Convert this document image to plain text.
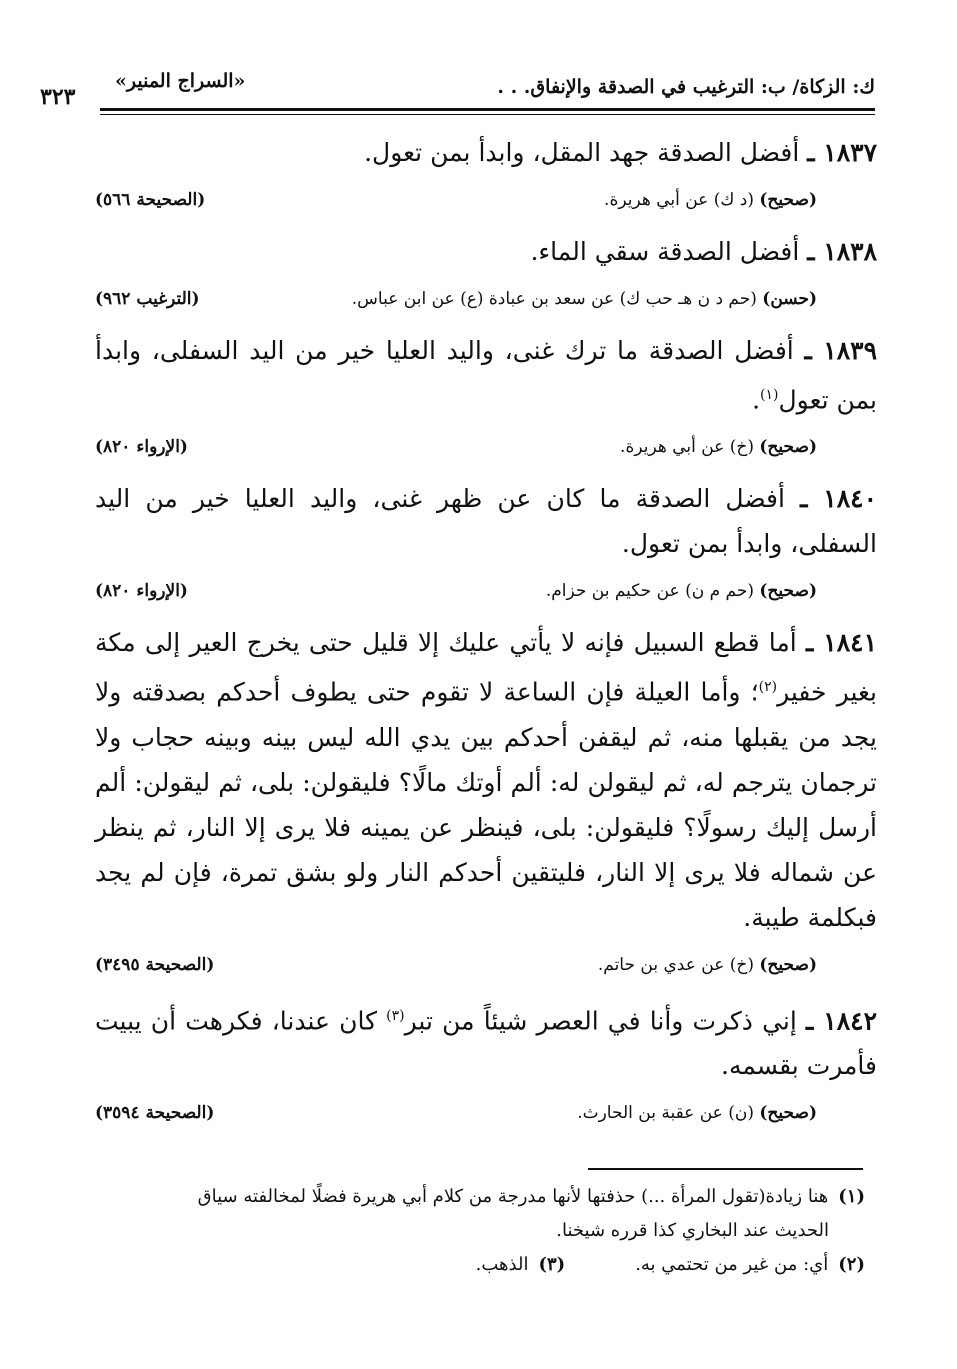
ك: الزكاة/ ب: الترغيب في الصدقة والإنفاق. . .
«السراج المنير»
٣٢٣

١٨٣٧ ـ أفضل الصدقة جهد المقل، وابدأ بمن تعول.

(صحيح) (د ك) عن أبي هريرة.
(الصحيحة ٥٦٦)

١٨٣٨ ـ أفضل الصدقة سقي الماء.

(حسن) (حم د ن هـ حب ك) عن سعد بن عبادة (ع) عن ابن عباس.
(الترغيب ٩٦٢)

١٨٣٩ ـ أفضل الصدقة ما ترك غنى، واليد العليا خير من اليد السفلى، وابدأ بمن تعول$^{(١)}$.

(صحيح) (خ) عن أبي هريرة.
(الإرواء ٨٢٠)

١٨٤٠ ـ أفضل الصدقة ما كان عن ظهر غنى، واليد العليا خير من اليد السفلى، وابدأ بمن تعول.

(صحيح) (حم م ن) عن حكيم بن حزام.
(الإرواء ٨٢٠)

١٨٤١ ـ أما قطع السبيل فإنه لا يأتي عليك إلا قليل حتى يخرج العير إلى مكة بغير خفير$^{(٢)}$؛ وأما العيلة فإن الساعة لا تقوم حتى يطوف أحدكم بصدقته ولا يجد من يقبلها منه، ثم ليقفن أحدكم بين يدي الله ليس بينه وبينه حجاب ولا ترجمان يترجم له، ثم ليقولن له: ألم أوتك مالًا؟ فليقولن: بلى، ثم ليقولن: ألم أرسل إليك رسولًا؟ فليقولن: بلى، فينظر عن يمينه فلا يرى إلا النار، ثم ينظر عن شماله فلا يرى إلا النار، فليتقين أحدكم النار ولو بشق تمرة، فإن لم يجد فبكلمة طيبة.

(صحيح) (خ) عن عدي بن حاتم.
(الصحيحة ٣٤٩٥)

١٨٤٢ ـ إني ذكرت وأنا في العصر شيئاً من تبر$^{(٣)}$ كان عندنا، فكرهت أن يبيت فأمرت بقسمه.

(صحيح) (ن) عن عقبة بن الحارث.
(الصحيحة ٣٥٩٤)

(١)هنا زيادة(تقول المرأة ...) حذفتها لأنها مدرجة من كلام أبي هريرة فضلًا لمخالفته سياق

الحديث عند البخاري كذا قرره شيخنا.

(٢)أي: من غير من تحتمي به.
(٣)الذهب.
